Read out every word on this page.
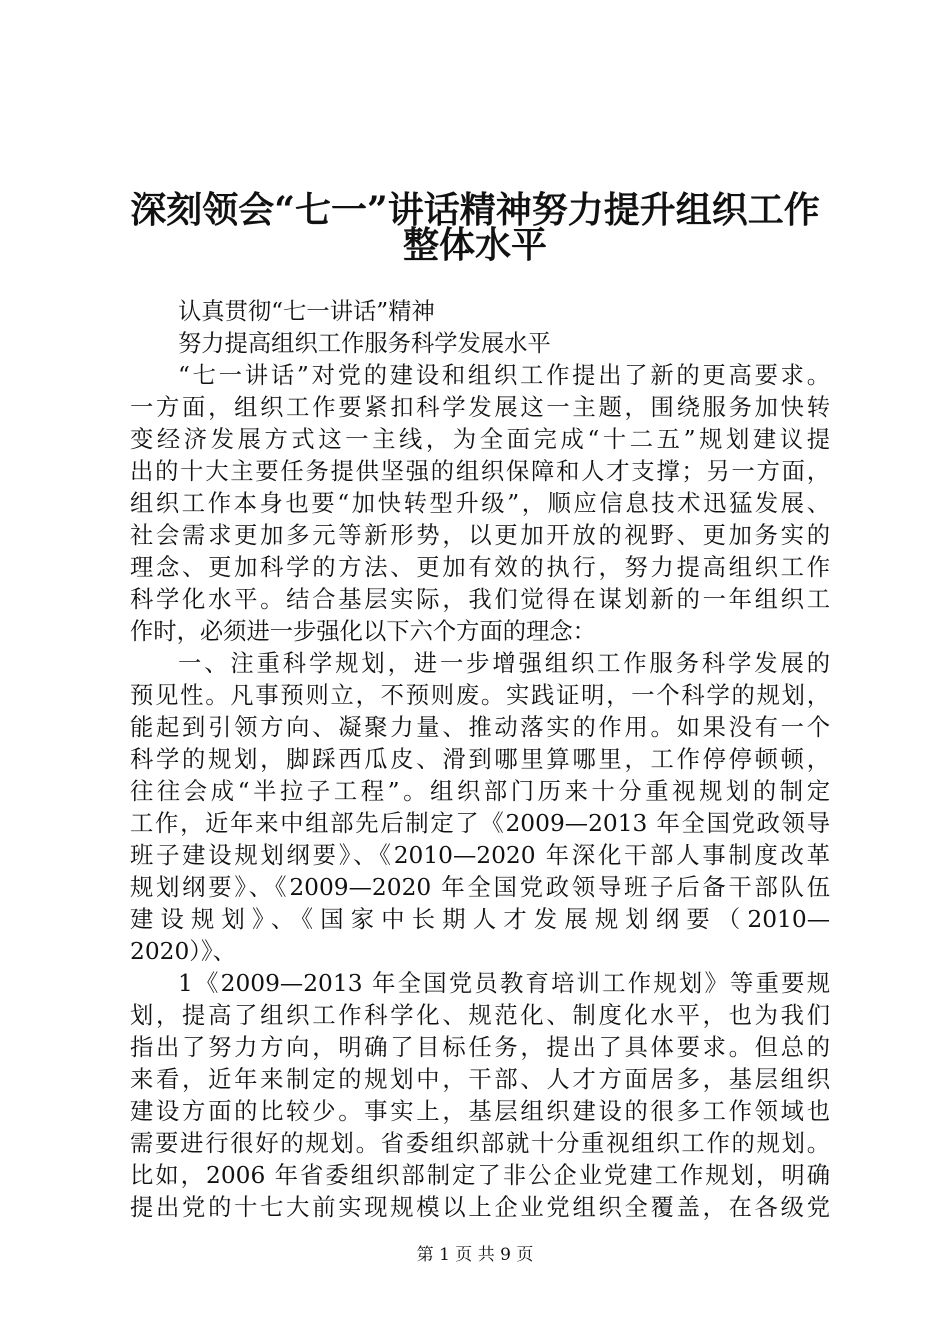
深刻领会“七一”讲话精神努力提升组织工作
整体水平
认真贯彻“七一讲话”精神
努力提高组织工作服务科学发展水平
“七一讲话”对党的建设和组织工作提出了新的更高要求。
一方面，组织工作要紧扣科学发展这一主题，围绕服务加快转
变经济发展方式这一主线，为全面完成“十二五”规划建议提
出的十大主要任务提供坚强的组织保障和人才支撑；另一方面，
组织工作本身也要“加快转型升级”，顺应信息技术迅猛发展、
社会需求更加多元等新形势，以更加开放的视野、更加务实的
理念、更加科学的方法、更加有效的执行，努力提高组织工作
科学化水平。结合基层实际，我们觉得在谋划新的一年组织工
作时，必须进一步强化以下六个方面的理念：
一、注重科学规划，进一步增强组织工作服务科学发展的
预见性。凡事预则立，不预则废。实践证明，一个科学的规划，
能起到引领方向、凝聚力量、推动落实的作用。如果没有一个
科学的规划，脚踩西瓜皮、滑到哪里算哪里，工作停停顿顿，
往往会成“半拉子工程”。组织部门历来十分重视规划的制定
工作，近年来中组部先后制定了《2009—2013 年全国党政领导
班子建设规划纲要》、《2010—2020 年深化干部人事制度改革
规划纲要》、《2009—2020 年全国党政领导班子后备干部队伍
建设规划》、《国家中长期人才发展规划纲要（2010—
2020）》、
1《2009—2013 年全国党员教育培训工作规划》等重要规
划，提高了组织工作科学化、规范化、制度化水平，也为我们
指出了努力方向，明确了目标任务，提出了具体要求。但总的
来看，近年来制定的规划中，干部、人才方面居多，基层组织
建设方面的比较少。事实上，基层组织建设的很多工作领域也
需要进行很好的规划。省委组织部就十分重视组织工作的规划。
比如，2006 年省委组织部制定了非公企业党建工作规划，明确
提出党的十七大前实现规模以上企业党组织全覆盖，在各级党
第 1 页 共 9 页
